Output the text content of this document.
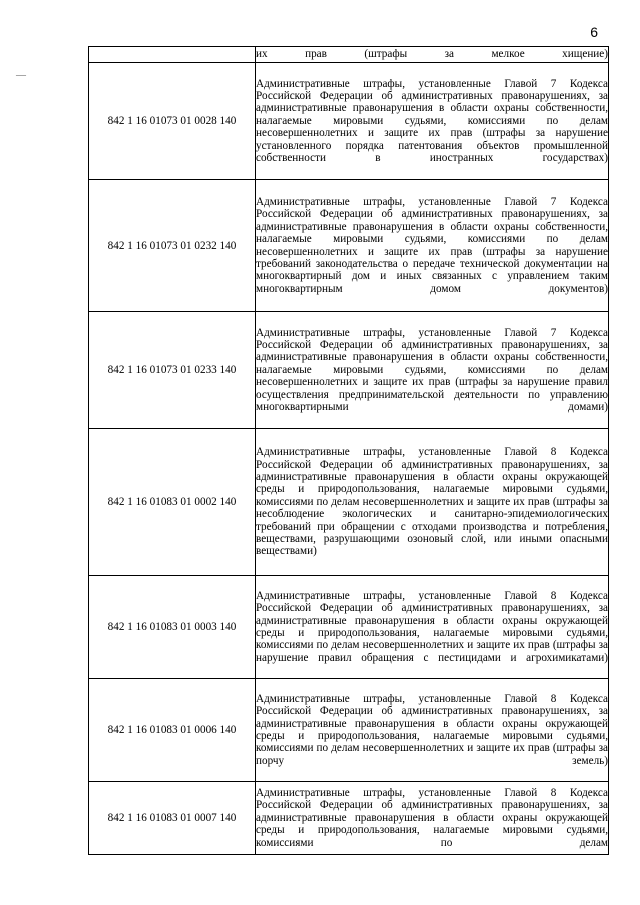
6
—

	их прав (штрафы за мелкое хищение)

842 1 16 01073 01 0028 140	Административные штрафы, установленные Главой 7 Кодекса Российской Федерации об административных правонарушениях, за административные правонарушения в области охраны собственности, налагаемые мировыми судьями, комиссиями по делам несовершеннолетних и защите их прав (штрафы за нарушение установленного порядка патентования объектов промышленной собственности в иностранных государствах)

842 1 16 01073 01 0232 140	Административные штрафы, установленные Главой 7 Кодекса Российской Федерации об административных правонарушениях, за административные правонарушения в области охраны собственности, налагаемые мировыми судьями, комиссиями по делам несовершеннолетних и защите их прав (штрафы за нарушение требований законодательства о передаче технической документации на многоквартирный дом и иных связанных с управлением таким многоквартирным домом документов)

842 1 16 01073 01 0233 140	Административные штрафы, установленные Главой 7 Кодекса Российской Федерации об административных правонарушениях, за административные правонарушения в области охраны собственности, налагаемые мировыми судьями, комиссиями по делам несовершеннолетних и защите их прав (штрафы за нарушение правил осуществления предпринимательской деятельности по управлению многоквартирными домами)

842 1 16 01083 01 0002 140	Административные штрафы, установленные Главой 8 Кодекса Российской Федерации об административных правонарушениях, за административные правонарушения в области охраны окружающей среды и природопользования, налагаемые мировыми судьями, комиссиями по делам несовершеннолетних и защите их прав (штрафы за несоблюдение экологических и санитарно-эпидемиологических требований при обращении с отходами производства и потребления, веществами, разрушающими озоновый слой, или иными опасными веществами)

842 1 16 01083 01 0003 140	Административные штрафы, установленные Главой 8 Кодекса Российской Федерации об административных правонарушениях, за административные правонарушения в области охраны окружающей среды и природопользования, налагаемые мировыми судьями, комиссиями по делам несовершеннолетних и защите их прав (штрафы за нарушение правил обращения с пестицидами и агрохимикатами)

842 1 16 01083 01 0006 140	Административные штрафы, установленные Главой 8 Кодекса Российской Федерации об административных правонарушениях, за административные правонарушения в области охраны окружающей среды и природопользования, налагаемые мировыми судьями, комиссиями по делам несовершеннолетних и защите их прав (штрафы за порчу земель)

842 1 16 01083 01 0007 140	Административные штрафы, установленные Главой 8 Кодекса Российской Федерации об административных правонарушениях, за административные правонарушения в области охраны окружающей среды и природопользования, налагаемые мировыми судьями, комиссиями по делам
